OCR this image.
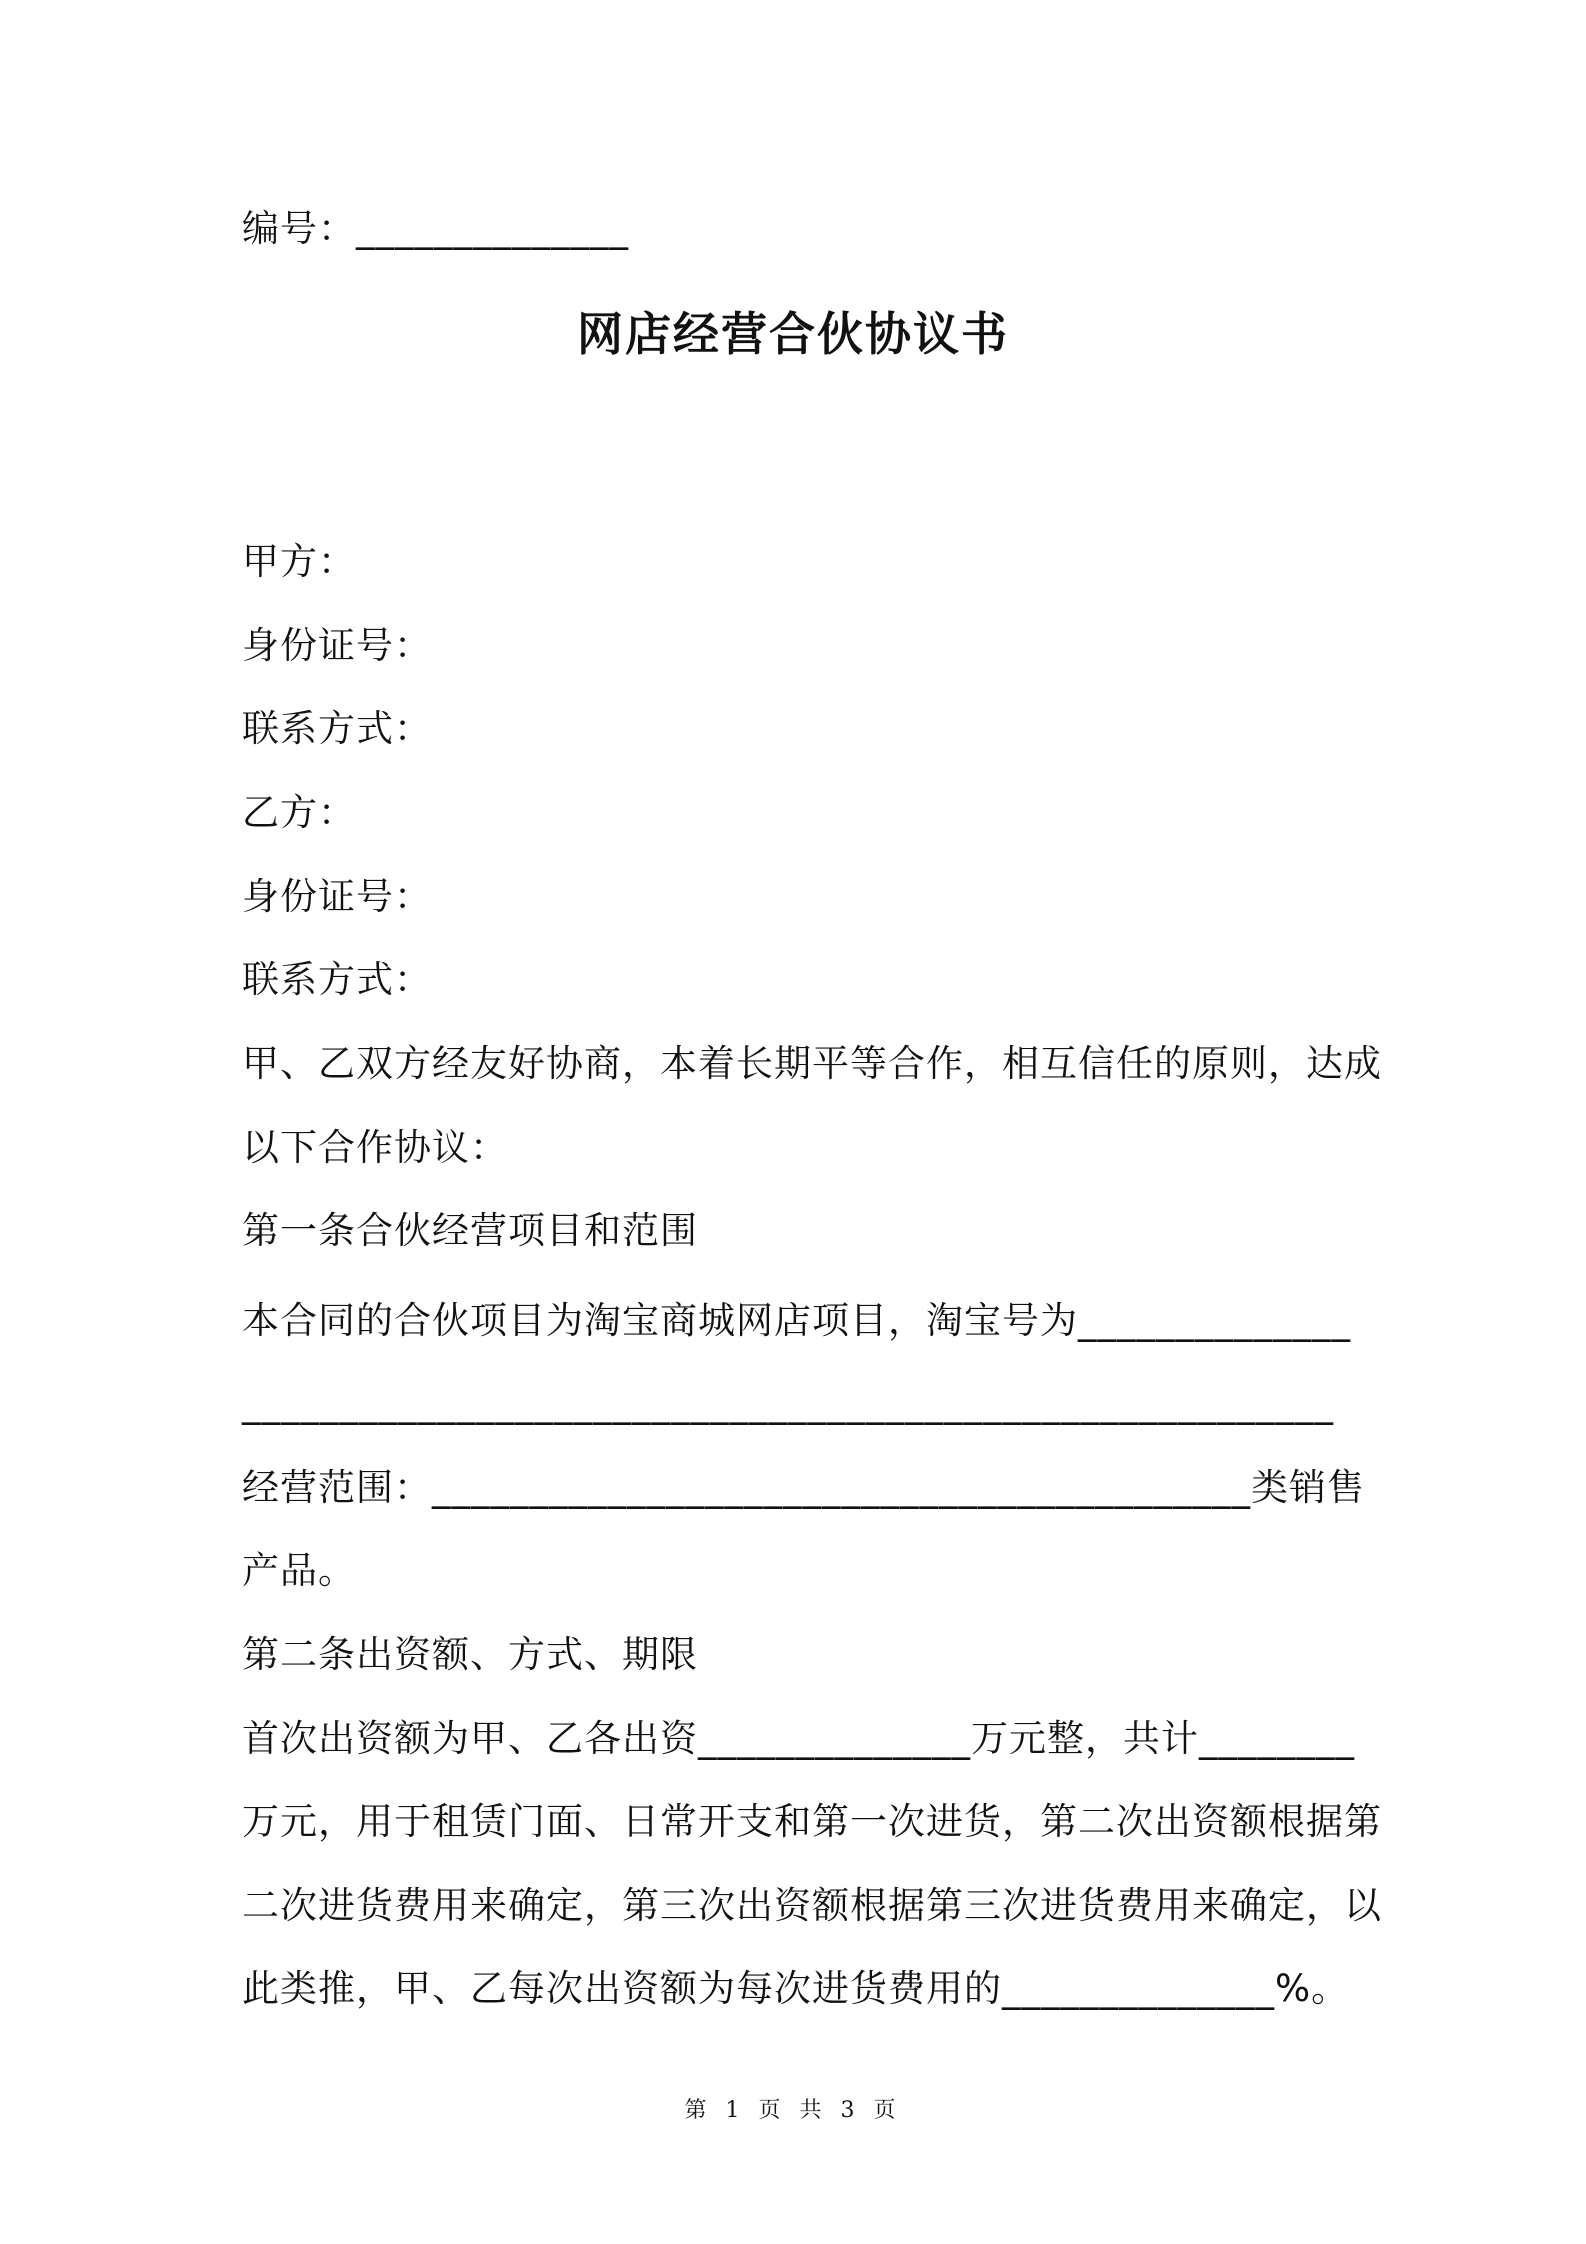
编号：______________
网店经营合伙协议书
甲方：
身份证号：
联系方式：
乙方：
身份证号：
联系方式：
甲、乙双方经友好协商，本着长期平等合作，相互信任的原则，达成
以下合作协议：
第一条合伙经营项目和范围
本合同的合伙项目为淘宝商城网店项目，淘宝号为______________
________________________________________________________
经营范围：__________________________________________类销售
产品。
第二条出资额、方式、期限
首次出资额为甲、乙各出资______________万元整，共计________
万元，用于租赁门面、日常开支和第一次进货，第二次出资额根据第
二次进货费用来确定，第三次出资额根据第三次进货费用来确定，以
此类推，甲、乙每次出资额为每次进货费用的______________%。
第 1 页 共 3 页
